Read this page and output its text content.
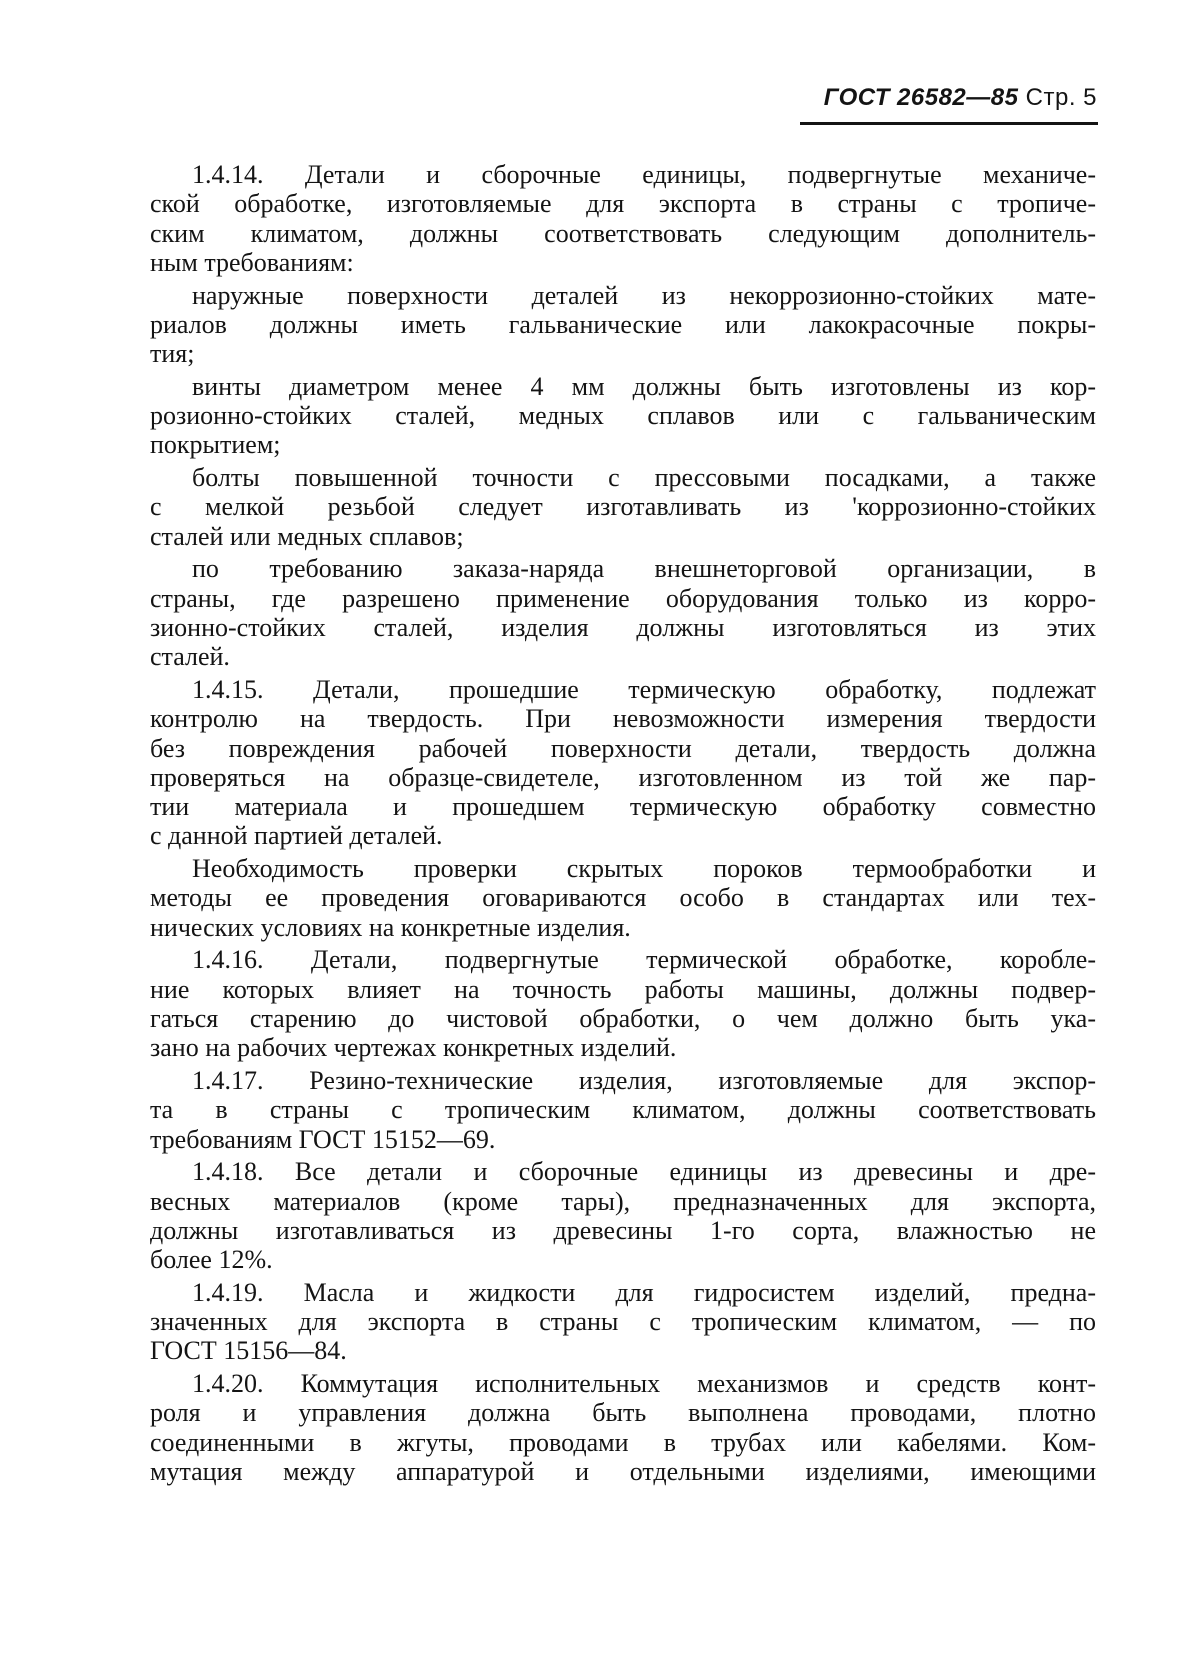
ГОСТ 26582—85 Стр. 5
1.4.14. Детали и сборочные единицы, подвергнутые механиче-
ской обработке, изготовляемые для экспорта в страны с тропиче-
ским климатом, должны соответствовать следующим дополнитель-
ным требованиям:
наружные поверхности деталей из некоррозионно-стойких мате-
риалов должны иметь гальванические или лакокрасочные покры-
тия;
винты диаметром менее 4 мм должны быть изготовлены из кор-
розионно-стойких сталей, медных сплавов или с гальваническим
покрытием;
болты повышенной точности с прессовыми посадками, а также
с мелкой резьбой следует изготавливать из 'коррозионно-стойких
сталей или медных сплавов;
по требованию заказа-наряда внешнеторговой организации, в
страны, где разрешено применение оборудования только из корро-
зионно-стойких сталей, изделия должны изготовляться из этих
сталей.
1.4.15. Детали, прошедшие термическую обработку, подлежат
контролю на твердость. При невозможности измерения твердости
без повреждения рабочей поверхности детали, твердость должна
проверяться на образце-свидетеле, изготовленном из той же пар-
тии материала и прошедшем термическую обработку совместно
с данной партией деталей.
Необходимость проверки скрытых пороков термообработки и
методы ее проведения оговариваются особо в стандартах или тех-
нических условиях на конкретные изделия.
1.4.16. Детали, подвергнутые термической обработке, коробле-
ние которых влияет на точность работы машины, должны подвер-
гаться старению до чистовой обработки, о чем должно быть ука-
зано на рабочих чертежах конкретных изделий.
1.4.17. Резино-технические изделия, изготовляемые для экспор-
та в страны с тропическим климатом, должны соответствовать
требованиям ГОСТ 15152—69.
1.4.18. Все детали и сборочные единицы из древесины и дре-
весных материалов (кроме тары), предназначенных для экспорта,
должны изготавливаться из древесины 1-го сорта, влажностью не
более 12%.
1.4.19. Масла и жидкости для гидросистем изделий, предна-
значенных для экспорта в страны с тропическим климатом, — по
ГОСТ 15156—84.
1.4.20. Коммутация исполнительных механизмов и средств конт-
роля и управления должна быть выполнена проводами, плотно
соединенными в жгуты, проводами в трубах или кабелями. Ком-
мутация между аппаратурой и отдельными изделиями, имеющими
